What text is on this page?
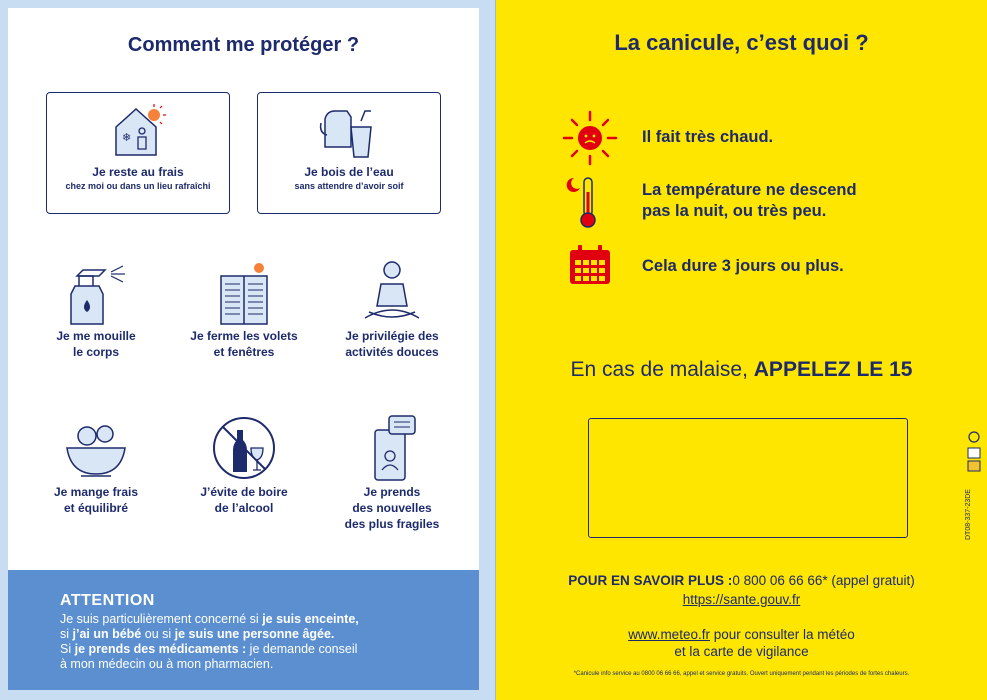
Comment me protéger ?
❄
Je reste au frais
chez moi ou dans un lieu rafraîchi
Je bois de l’eau
sans attendre d’avoir soif
Je me mouille
le corps
Je ferme les volets
et fenêtres
Je privilégie des
activités douces
Je mange frais
et équilibré
J’évite de boire
de l’alcool
Je prends
des nouvelles
des plus fragiles
ATTENTION
Je suis particulièrement concerné si je suis enceinte,
si j’ai un bébé ou si je suis une personne âgée.
Si je prends des médicaments : je demande conseil
à mon médecin ou à mon pharmacien.
La canicule, c’est quoi ?
Il fait très chaud.
La température ne descend
pas la nuit, ou très peu.
Cela dure 3 jours ou plus.
En cas de malaise, APPELEZ LE 15
POUR EN SAVOIR PLUS :0 800 06 66 66* (appel gratuit)
https://sante.gouv.fr
www.meteo.fr pour consulter la météo
et la carte de vigilance
*Canicule info service au 0800 06 66 66, appel et service gratuits. Ouvert uniquement pendant les périodes de fortes chaleurs.
DT08-337-23DE
